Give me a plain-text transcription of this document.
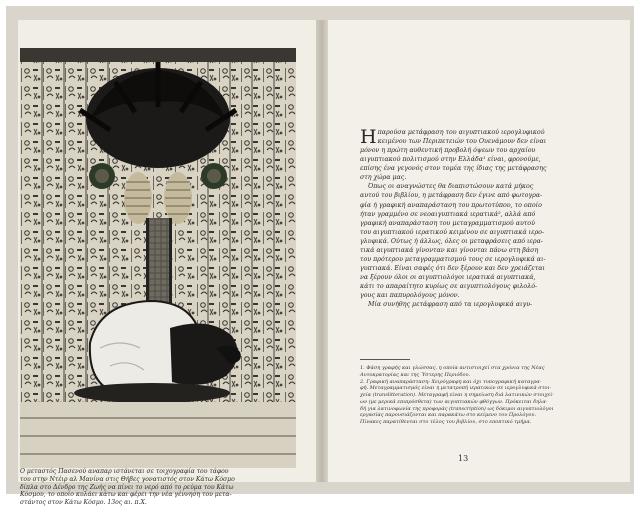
Ο μεταστός Πασενού αναπαρ ιστάνεται σε τοιχογραφία του τάφου
του στην Ντέιρ αλ Μανίνα στις Θήβες γονατιστός στον Κάτω Κόσμο
δίπλα στο Δένδρο της Ζωής να πίνει το νερό από το ρεύμα του Κάτω
Κόσμου, το οποίο κυλάει κάτω και φέρει την νέα γέννηση του μετα-
στάντος στον Κάτω Κόσμο. 13ος αι. π.Χ.
Η παρούσα μετάφραση του αιγυπτιακού ιερογλυφικού
κειμένου των Περιπετειών του Ουενάμουν δεν είναι
μόνον η πρώτη αυθεντική προβολή όψεων του αρχαίου
αιγυπτιακού πολιτισμού στην Ελλάδα¹ είναι, φρονούμε,
επίσης ένα γεγονός στον τομέα της ίδιας της μετάφρασης
στη χώρα μας.
Όπως οι αναγνώστες θα διαπιστώσουν κατά μήκος
αυτού του βιβλίου, η μετάφραση δεν έγινε από φωτογρα-
φία ή γραφική αναπαράσταση του πρωτοτύπου, το οποίο
ήταν γραμμένο σε νεοαιγυπτιακά ιερατικά², αλλά από
γραφική αναπαράσταση του μεταγραμματισμού αυτού
του αιγυπτιακού ιερατικού κειμένου σε αιγυπτιακά ιερο-
γλυφικά. Ούτως ή άλλως, όλες οι μεταφράσεις από ιερα-
τικά αιγυπτιακά γίνονταν και γίνονται πάνω στη βάση
του πρότερου μεταγραμματισμού τους σε ιερογλυφικά αι-
γυπτιακά. Είναι σαφές ότι δεν ξέρουν και δεν χρειάζεται
να ξέρουν όλοι οι αιγυπτιολόγοι ιερατικά αιγυπτιακά,
κάτι το απαραίτητο κυρίως σε αιγυπτιολόγους φιλολό-
γους και παπυρολόγους μόνον.
Μία συνήθης μετάφραση από τα ιερογλυφικά αιγυ-
1. Φάση γραφής και γλώσσας, η οποία αντιστοιχεί στα χρόνια της Νέας
Αυτοκρατορίας και της Ύστερης Περιόδου.
2. Γραφική αναπαράσταση: Χειρόγραφη και όχι τυπογραφική καταγρα-
φή. Μεταγραμματισμός είναι η μετατροπή ιερατικών σε ιερογλυφικά στοι-
χεία (translitteration). Μεταγραφή είναι η σημείωση διά λατινικών στοιχεί-
ων (με μερικά επιπρόσθετα) των αιγυπτιακών φθόγγων. Πρόκειται δηλα-
δή για λατινοφωνία της προφοράς (transcription) ως δόκιμοι αιγυπτιολόγοι
εργασίας παρουσιάζονται και παρακάτω στο κείμενο του Προλόγου.
Πίνακες παρατίθενται στο τέλος του βιβλίου, στο εποπτικό τμήμα.
13
